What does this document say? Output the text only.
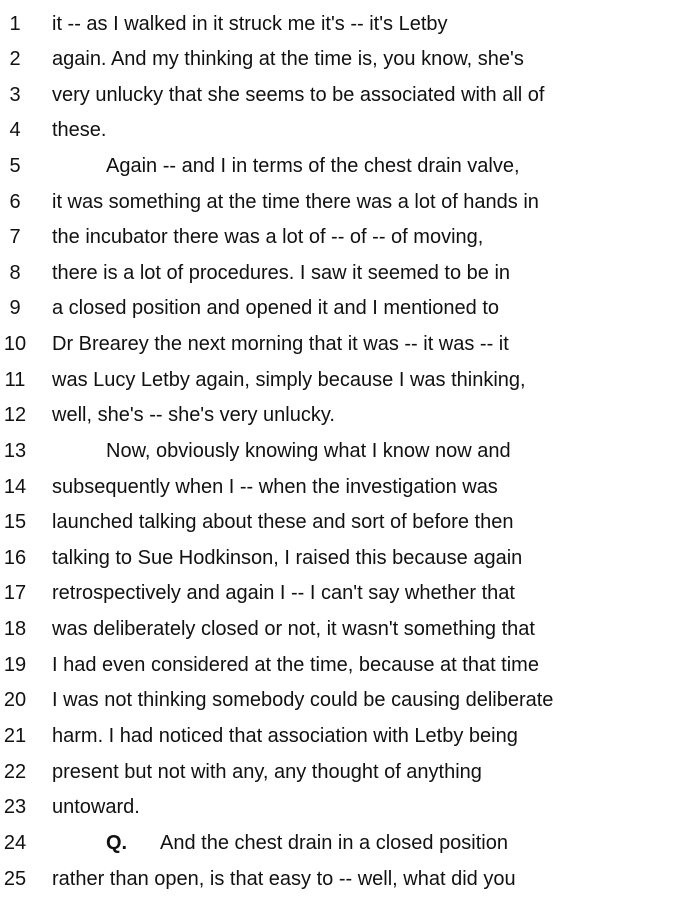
1	it -- as I walked in it struck me it's -- it's Letby
2	again. And my thinking at the time is, you know, she's
3	very unlucky that she seems to be associated with all of
4	these.
5	Again -- and I in terms of the chest drain valve,
6	it was something at the time there was a lot of hands in
7	the incubator there was a lot of -- of -- of moving,
8	there is a lot of procedures. I saw it seemed to be in
9	a closed position and opened it and I mentioned to
10 Dr Brearey the next morning that it was -- it was -- it
11 was Lucy Letby again, simply because I was thinking,
12 well, she's -- she's very unlucky.
13	Now, obviously knowing what I know now and
14 subsequently when I -- when the investigation was
15 launched talking about these and sort of before then
16 talking to Sue Hodkinson, I raised this because again
17 retrospectively and again I -- I can't say whether that
18 was deliberately closed or not, it wasn't something that
19 I had even considered at the time, because at that time
20 I was not thinking somebody could be causing deliberate
21 harm. I had noticed that association with Letby being
22 present but not with any, any thought of anything
23 untoward.
24	Q. And the chest drain in a closed position
25 rather than open, is that easy to -- well, what did you
